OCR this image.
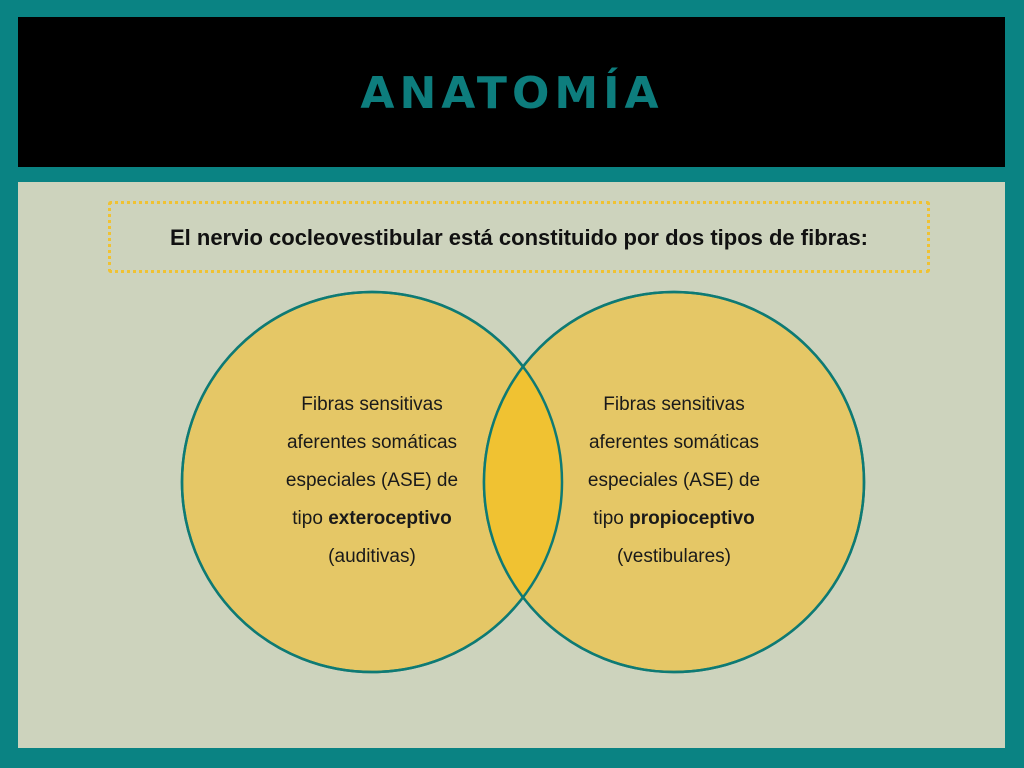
ANATOMÍA
El nervio cocleovestibular está constituido por dos tipos de fibras:
Fibras sensitivas
aferentes somáticas
especiales (ASE) de
tipo exteroceptivo
(auditivas)
Fibras sensitivas
aferentes somáticas
especiales (ASE) de
tipo propioceptivo
(vestibulares)
